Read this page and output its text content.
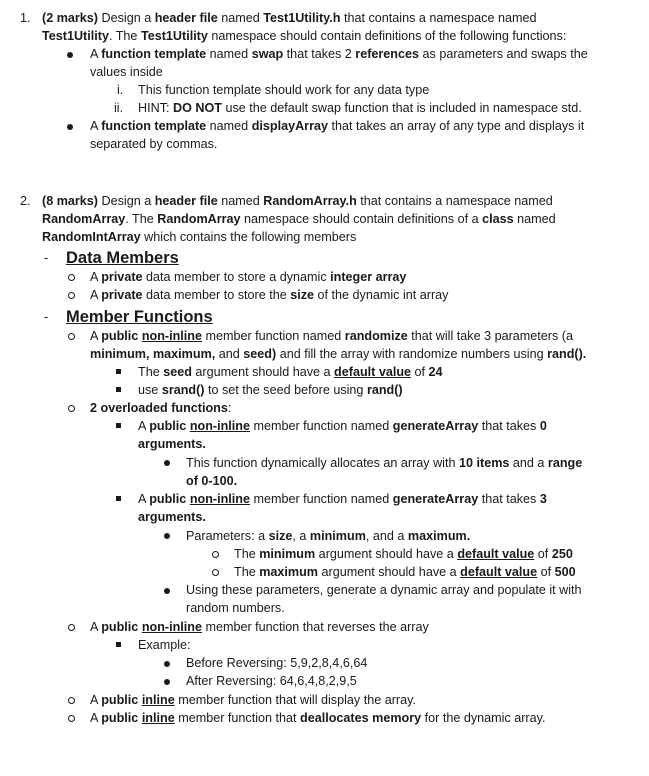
1. (2 marks) Design a header file named Test1Utility.h that contains a namespace named
Test1Utility. The Test1Utility namespace should contain definitions of the following functions:
A function template named swap that takes 2 references as parameters and swaps the
values inside
i. This function template should work for any data type
ii. HINT: DO NOT use the default swap function that is included in namespace std.
A function template named displayArray that takes an array of any type and displays it
separated by commas.
2. (8 marks) Design a header file named RandomArray.h that contains a namespace named
RandomArray. The RandomArray namespace should contain definitions of a class named
RandomIntArray which contains the following members
- Data Members
A private data member to store a dynamic integer array
A private data member to store the size of the dynamic int array
- Member Functions
A public non-inline member function named randomize that will take 3 parameters (a
minimum, maximum, and seed) and fill the array with randomize numbers using rand().
The seed argument should have a default value of 24
use srand() to set the seed before using rand()
2 overloaded functions:
A public non-inline member function named generateArray that takes 0
arguments.
This function dynamically allocates an array with 10 items and a range
of 0-100.
A public non-inline member function named generateArray that takes 3
arguments.
Parameters: a size, a minimum, and a maximum.
The minimum argument should have a default value of 250
The maximum argument should have a default value of 500
Using these parameters, generate a dynamic array and populate it with
random numbers.
A public non-inline member function that reverses the array
Example:
Before Reversing: 5,9,2,8,4,6,64
After Reversing: 64,6,4,8,2,9,5
A public inline member function that will display the array.
A public inline member function that deallocates memory for the dynamic array.
